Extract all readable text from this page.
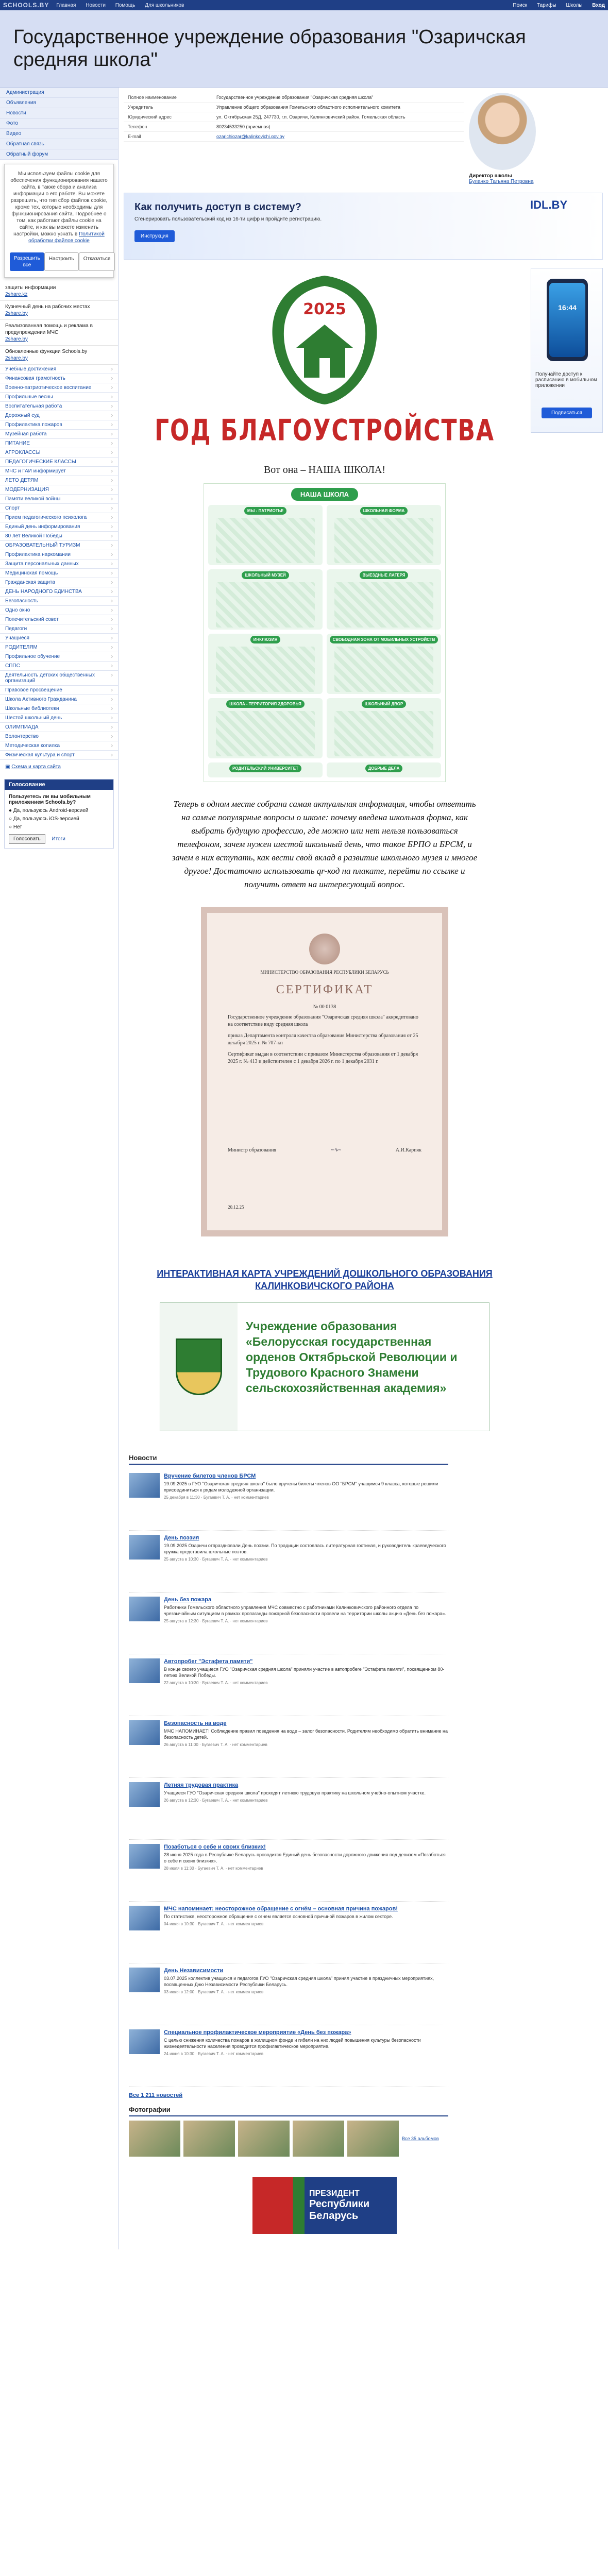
SCHOOLS.BY Главная Новости Помощь Для школьников	Поиск Тарифы Школы Вход
Государственное учреждение образования "Озаричская средняя школа"
Администрация
Объявления
Новости
Фото
Видео
Обратная связь
Обратный форум
Мы используем файлы cookie для обеспечения функционирования нашего сайта, в также сбора и анализа информации о его работе. Вы можете разрешить, что тип сбор файлов cookie, кроме тех, которые необходимы для функционирования сайта. Подробнее о том, как работают файлы cookie на сайте, и как вы можете изменить настройки, можно узнать в Политикой обработки файлов cookie
Разрешить все
Настроить	Отказаться
защиты информации
2share.kz
Кузнечный день на рабочих местах
2share.by
Реализованная помощь и реклама в предупреждении МЧС
2share.by
Обновленные функции Schools.by
2share.by
Учебные достижения	›
Финансовая грамотность	›
Военно-патриотическое воспитание	›
Профильные весны	›
Воспитательная работа	›
Дорожный суд	›
Профилактика пожаров	›
Музейная работа	›
ПИТАНИЕ	›
АГРОКЛАССЫ	›
ПЕДАГОГИЧЕСКИЕ КЛАССЫ	›
МЧС и ГАИ информирует	›
ЛЕТО ДЕТЯМ	›
МОДЕРНИЗАЦИЯ	›
Памяти великой войны	›
Спорт	›
Прием педагогического психолога	›
Единый день информирования	›
80 лет Великой Победы	›
ОБРАЗОВАТЕЛЬНЫЙ ТУРИЗМ	›
Профилактика наркомании	›
Защита персональных данных	›
Медицинская помощь	›
Гражданская защита	›
ДЕНЬ НАРОДНОГО ЕДИНСТВА	›
Безопасность	›
Одно окно	›
Попечительский совет	›
Педагоги	›
Учащиеся	›
РОДИТЕЛЯМ	›
Профильное обучение	›
СППС	›
Деятельность детских общественных организаций
›
Правовое просвещение	›
Школа Активного Гражданина	›
Школьные библиотеки	›
Шестой школьный день	›
ОЛИМПИАДА	›
Волонтерство	›
Методическая копилка	›
Физическая культура и спорт	›
▣ Схема и карта сайта
Голосование
Пользуетесь ли вы мобильным приложением Schools.by?
● Да, пользуюсь Android-версией
○ Да, пользуюсь iOS-версией
○ Нет
Голосовать Итоги
Полное наименование	Государственное учреждение образования "Озаричская средняя школа"
Учредитель	Управление общего образования Гомельского областного исполнительного комитета
Юридический адрес	ул. Октябрьская 25Д, 247730, г.п. Озаричи, Калинковичский район, Гомельская область
Телефон	80234533250 (приемная)
E-mail	ozarichiozar@kalinkovichi.gov.by
Директор школы
Буланко Татьяна Петровна
Как получить доступ в систему?
Сгенерировать пользовательский код из 16-ти цифр и пройдите регистрацию.
Инструкция
IDL.BY
2025
ГОД БЛАГОУСТРОЙСТВА
Вот она – НАША ШКОЛА!
НАША ШКОЛА
МЫ - ПАТРИОТЫ!	ШКОЛЬНАЯ ФОРМА
ШКОЛЬНЫЙ МУЗЕЙ	ВЫЕЗДНЫЕ ЛАГЕРЯ
ИНКЛЮЗИЯ	СВОБОДНАЯ ЗОНА ОТ МОБИЛЬНЫХ УСТРОЙСТВ
ШКОЛА - ТЕРРИТОРИЯ ЗДОРОВЬЯ	ШКОЛЬНЫЙ ДВОР
РОДИТЕЛЬСКИЙ УНИВЕРСИТЕТ	ДОБРЫЕ ДЕЛА
Теперь в одном месте собрана самая актуальная информация, чтобы ответить на самые популярные вопросы о школе: почему введена школьная форма, как выбрать будущую профессию, где можно или нет нельзя пользоваться телефоном, зачем нужен шестой школьный день, что такое БРПО и БРСМ, и зачем в них вступать, как вести свой вклад в развитие школьного музея и многое другое! Достаточно использовать qr-код на плакате, перейти по ссылке и получить ответ на интересующий вопрос.
МИНИСТЕРСТВО ОБРАЗОВАНИЯ РЕСПУБЛИКИ БЕЛАРУСЬ
СЕРТИФИКАТ
№ 00 0138

Государственное учреждение образования "Озаричская средняя школа" аккредитовано на соответствие виду средняя школа

приказ Департамента контроля качества образования Министерства образования от 25 декабря 2025 г. № 707-кп

Сертификат выдан в соответствии с приказом Министерства образования от 1 декабря 2025 г. № 413 и действителен с 1 декабря 2026 г. по 1 декабря 2031 г.

Министр образования	~∿~	А.И.Карпяк
20.12.25
ИНТЕРАКТИВНАЯ КАРТА УЧРЕЖДЕНИЙ ДОШКОЛЬНОГО ОБРАЗОВАНИЯ КАЛИНКОВИЧСКОГО РАЙОНА
Учреждение образования «Белорусская государственная орденов Октябрьской Революции и Трудового Красного Знамени сельскохозяйственная академия»
Новости
Вручение билетов членов БРСМ
19.09.2025 в ГУО "Озаричская средняя школа" было вручены билеты членов ОО "БРСМ" учащимся 9 класса, которые решили присоединиться к рядам молодежной организации.
25 декабря в 11:30 · Бугаевич Т. А. · нет комментариев
День поэзия
19.09.2025 Озаричи отпраздновали День поэзии. По традиции состоялась литературная гостиная, и руководитель краеведческого кружка представила школьные поэтов.
25 августа в 10:30 · Бугаевич Т. А. · нет комментариев
День без пожара
Работники Гомельского областного управления МЧС совместно с работниками Калинковичского районного отдела по чрезвычайным ситуациям в рамках пропаганды пожарной безопасности провели на территории школы акцию «День без пожара».
25 августа в 12:30 · Бугаевич Т. А. · нет комментариев
Автопробег "Эстафета памяти"
В конце своего учащиеся ГУО "Озаричская средняя школа" приняли участие в автопробеге "Эстафета памяти", посвященном 80-летию Великой Победы.
22 августа в 10:30 · Бугаевич Т. А. · нет комментариев
Безопасность на воде
МЧС НАПОМИНАЕТ! Соблюдение правил поведения на воде – залог безопасности. Родителям необходимо обратить внимание на безопасность детей.
26 августа в 11:00 · Бугаевич Т. А. · нет комментариев
Летняя трудовая практика
Учащиеся ГУО "Озаричская средняя школа" проходят летнюю трудовую практику на школьном учебно-опытном участке.
26 августа в 12:30 · Бугаевич Т. А. · нет комментариев
Позаботься о себе и своих близких!
28 июня 2025 года в Республике Беларусь проводится Единый день безопасности дорожного движения под девизом «Позаботься о себе и своих близких».
28 июля в 11:30 · Бугаевич Т. А. · нет комментариев
МЧС напоминает: неосторожное обращение с огнём – основная причина пожаров!
По статистике, неосторожное обращение с огнем является основной причиной пожаров в жилом секторе.
04 июля в 10:30 · Бугаевич Т. А. · нет комментариев
День Независимости
03.07.2025 коллектив учащихся и педагогов ГУО "Озаричская средняя школа" принял участие в праздничных мероприятиях, посвященных Дню Независимости Республики Беларусь.
03 июля в 12:00 · Бугаевич Т. А. · нет комментариев
Специальное профилактическое мероприятие «День без пожара»
С целью снижения количества пожаров в жилищном фонде и гибели на них людей повышения культуры безопасности жизнедеятельности населения проводится профилактическое мероприятие.
24 июня в 10:30 · Бугаевич Т. А. · нет комментариев
Все 1 211 новостей
Фотографии
Все 35 альбомов
ПРЕЗИДЕНТ
Республики Беларусь
16:44
Получайте доступ к расписанию в мобильном приложении
Подписаться
